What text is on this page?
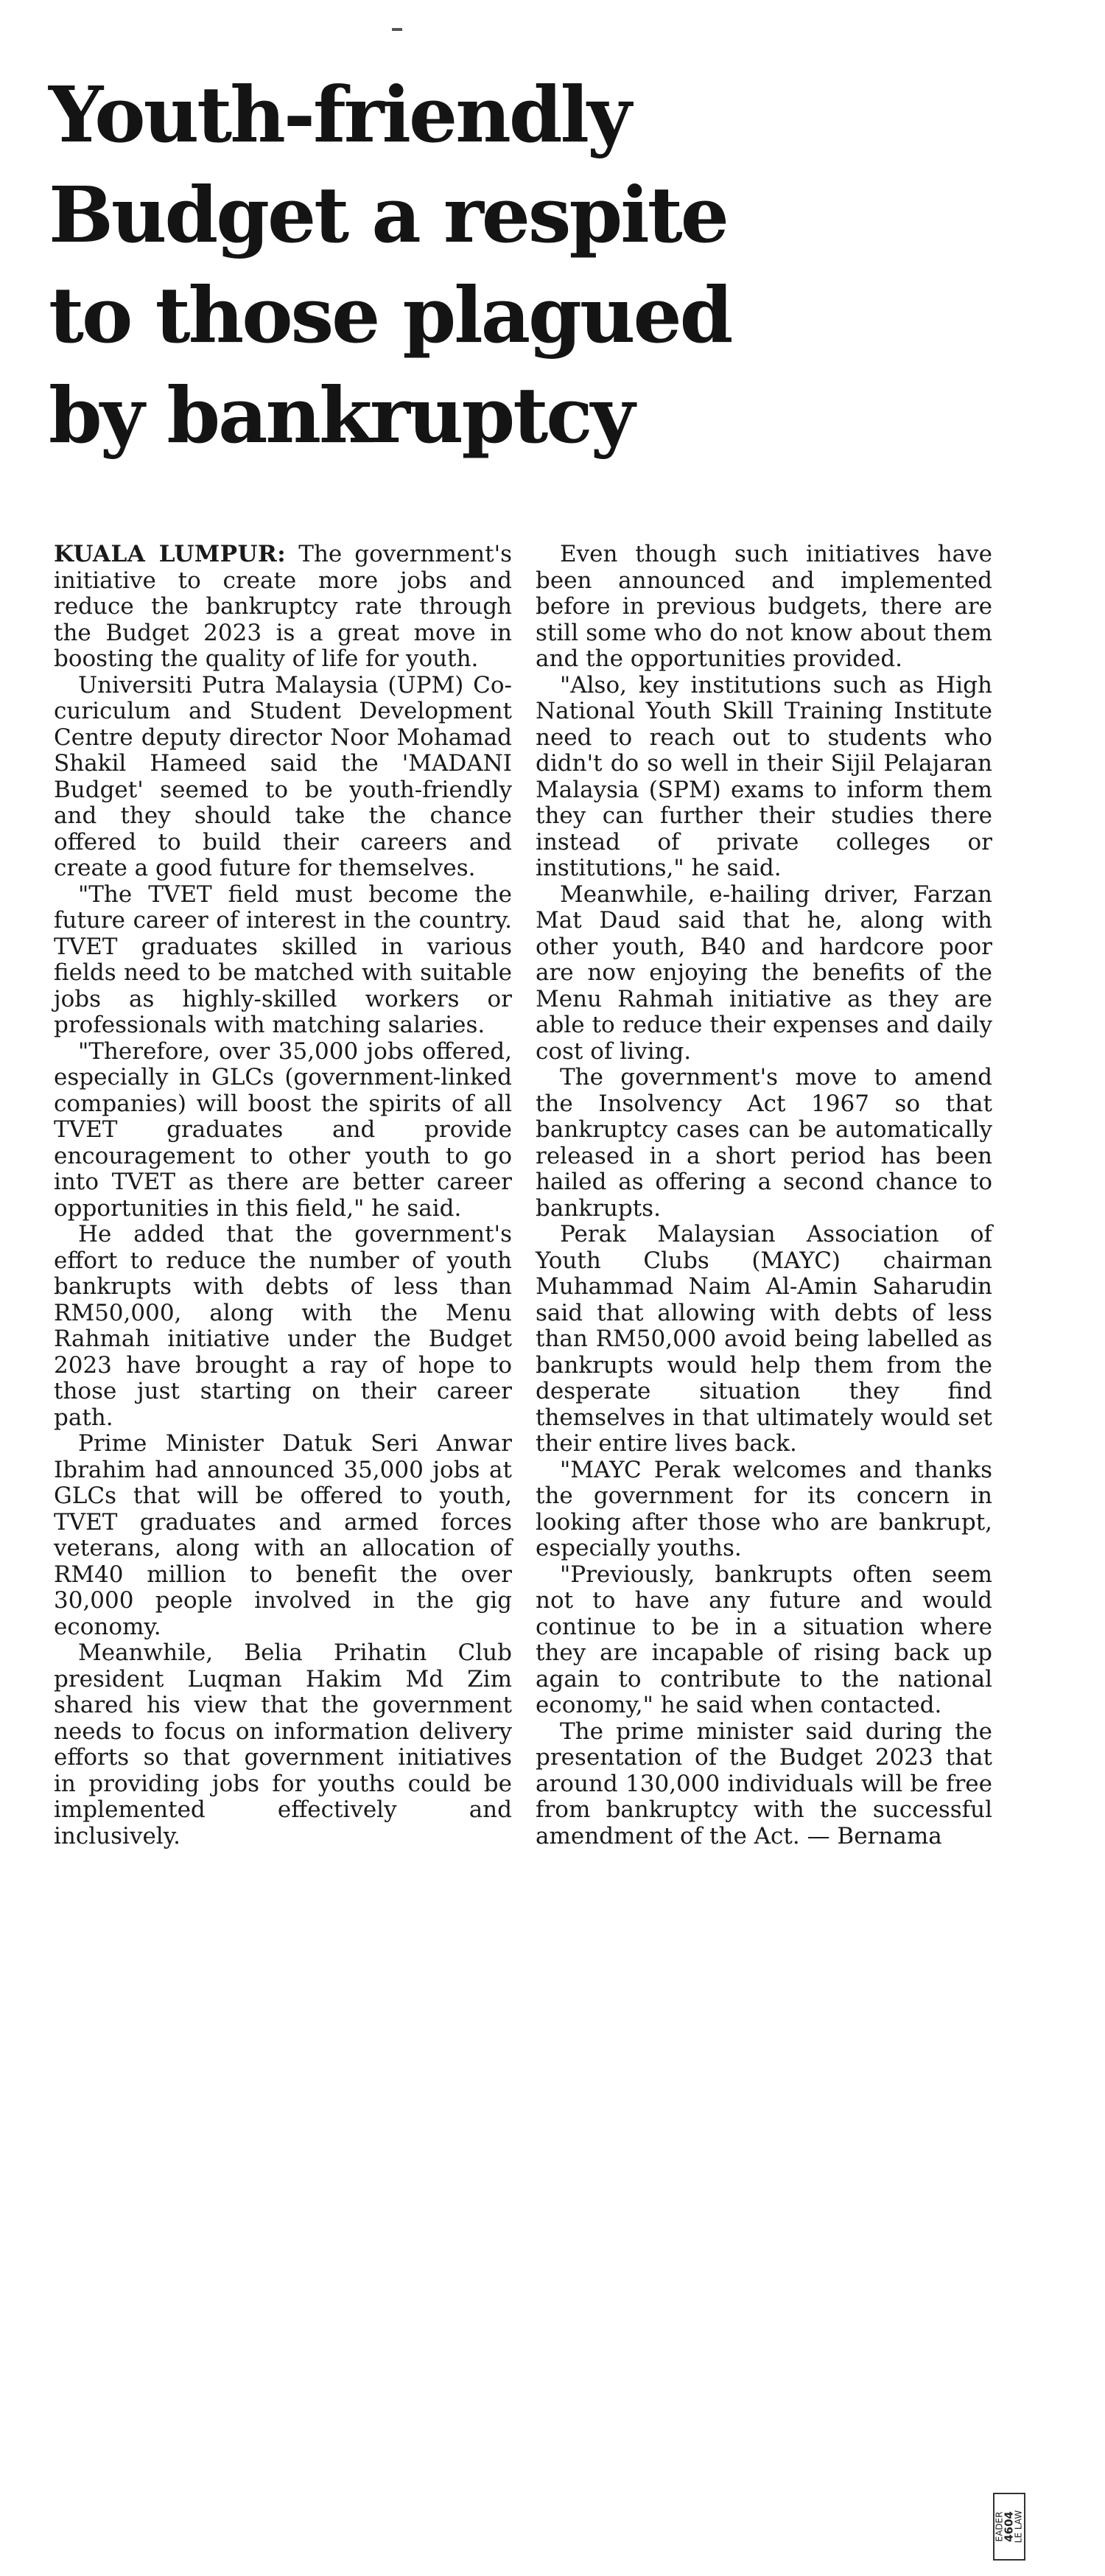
Youth-friendly
Budget a respite
to those plagued
by bankruptcy

KUALA LUMPUR: The government's initiative to create more jobs and reduce the bankruptcy rate through the Budget 2023 is a great move in boosting the quality of life for youth.

Universiti Putra Malaysia (UPM) Co-curiculum and Student Development Centre deputy director Noor Mohamad Shakil Hameed said the 'MADANI Budget' seemed to be youth-friendly and they should take the chance offered to build their careers and create a good future for themselves.

"The TVET field must become the future career of interest in the country. TVET graduates skilled in various fields need to be matched with suitable jobs as highly-skilled workers or professionals with matching salaries.

"Therefore, over 35,000 jobs offered, especially in GLCs (government-linked companies) will boost the spirits of all TVET graduates and provide encouragement to other youth to go into TVET as there are better career opportunities in this field," he said.

He added that the government's effort to reduce the number of youth bankrupts with debts of less than RM50,000, along with the Menu Rahmah initiative under the Budget 2023 have brought a ray of hope to those just starting on their career path.

Prime Minister Datuk Seri Anwar Ibrahim had announced 35,000 jobs at GLCs that will be offered to youth, TVET graduates and armed forces veterans, along with an allocation of RM40 million to benefit the over 30,000 people involved in the gig economy.

Meanwhile, Belia Prihatin Club president Luqman Hakim Md Zim shared his view that the government needs to focus on information delivery efforts so that government initiatives in providing jobs for youths could be implemented effectively and inclusively.

Even though such initiatives have been announced and implemented before in previous budgets, there are still some who do not know about them and the opportunities provided.

"Also, key institutions such as High National Youth Skill Training Institute need to reach out to students who didn't do so well in their Sijil Pelajaran Malaysia (SPM) exams to inform them they can further their studies there instead of private colleges or institutions," he said.

Meanwhile, e-hailing driver, Farzan Mat Daud said that he, along with other youth, B40 and hardcore poor are now enjoying the benefits of the Menu Rahmah initiative as they are able to reduce their expenses and daily cost of living.

The government's move to amend the Insolvency Act 1967 so that bankruptcy cases can be automatically released in a short period has been hailed as offering a second chance to bankrupts.

Perak Malaysian Association of Youth Clubs (MAYC) chairman Muhammad Naim Al-Amin Saharudin said that allowing with debts of less than RM50,000 avoid being labelled as bankrupts would help them from the desperate situation they find themselves in that ultimately would set their entire lives back.

"MAYC Perak welcomes and thanks the government for its concern in looking after those who are bankrupt, especially youths.

"Previously, bankrupts often seem not to have any future and would continue to be in a situation where they are incapable of rising back up again to contribute to the national economy," he said when contacted.

The prime minister said during the presentation of the Budget 2023 that around 130,000 individuals will be free from bankruptcy with the successful amendment of the Act. — Bernama

EADER
4604
LE LAW
